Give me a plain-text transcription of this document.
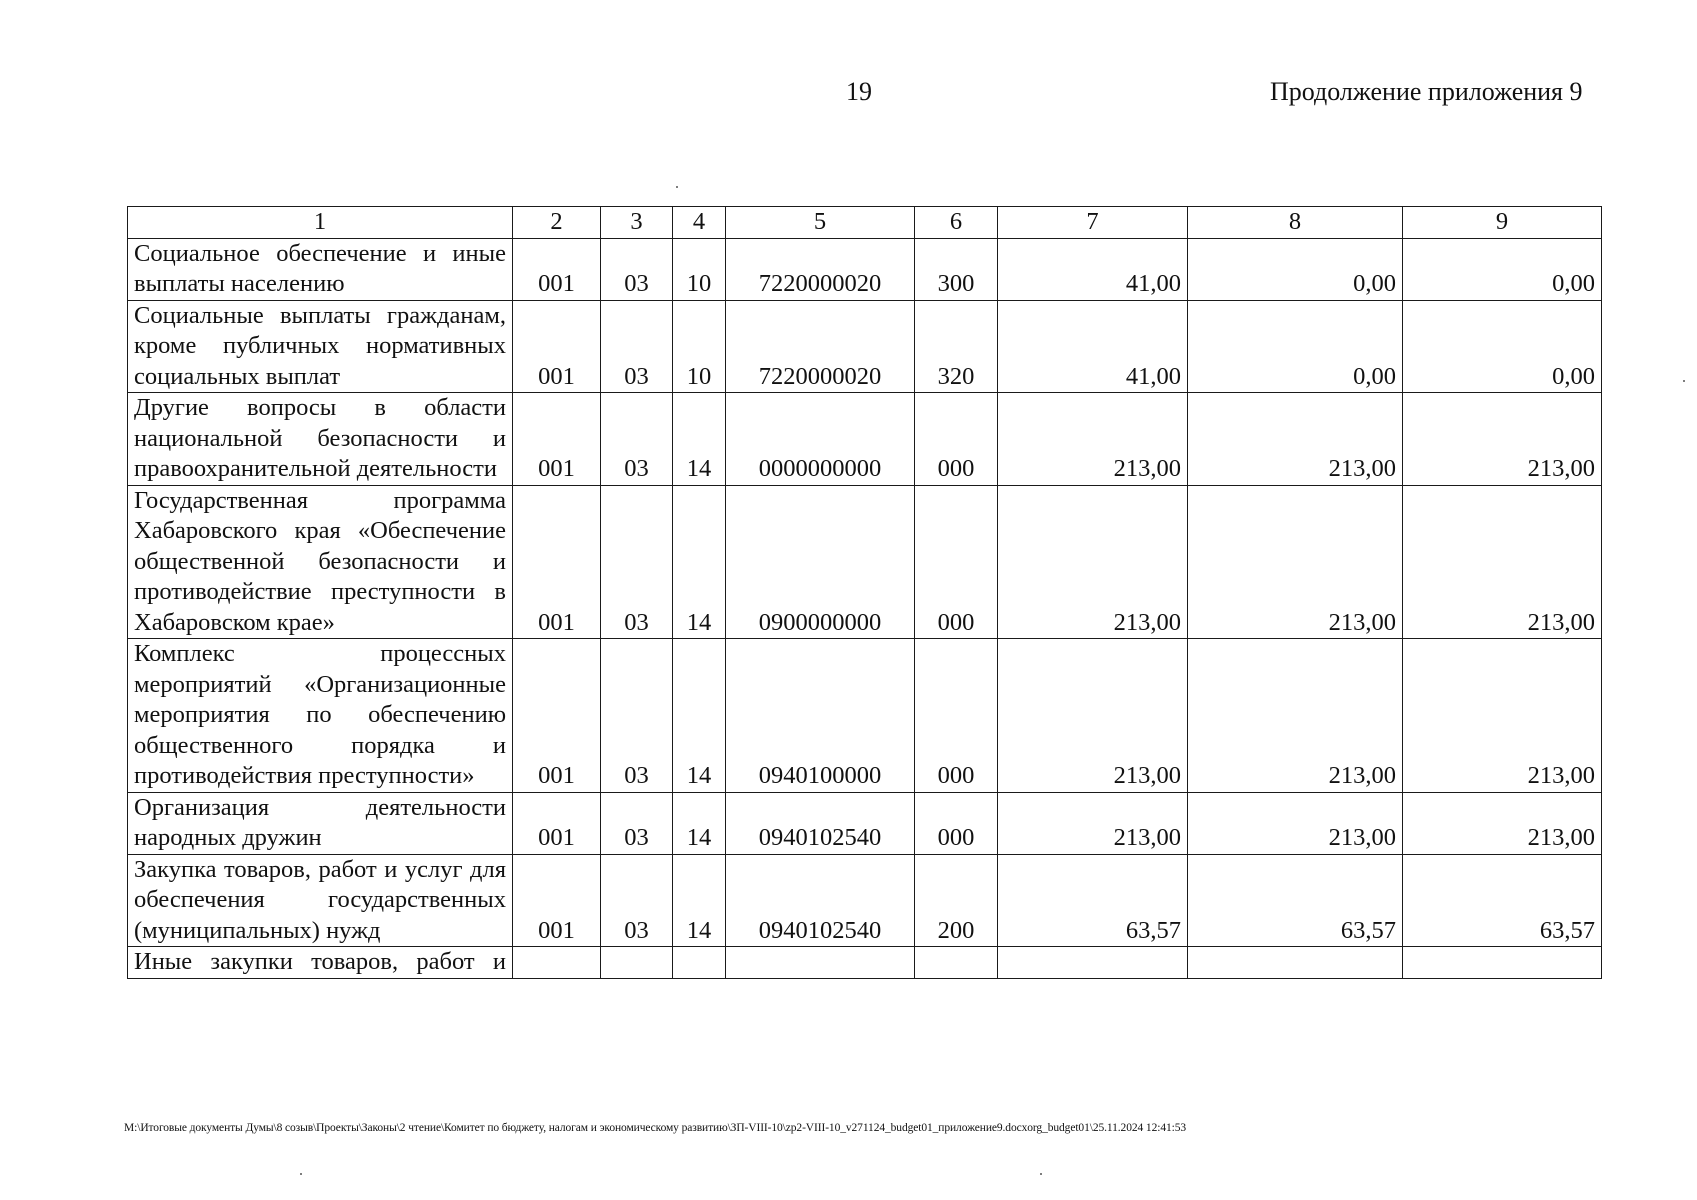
19	Продолжение приложения 9
1	2	3	4	5	6	7	8	9
Социальное обеспечение и иные выплаты населению	001	03	10	7220000020	300	41,00	0,00	0,00
Социальные выплаты гражданам, кроме публичных нормативных социальных выплат	001	03	10	7220000020	320	41,00	0,00	0,00
Другие вопросы в области национальной безопасности и правоохранительной деятельности	001	03	14	0000000000	000	213,00	213,00	213,00
Государственная программа Хабаровского края «Обеспечение общественной безопасности и противодействие преступности в Хабаровском крае»	001	03	14	0900000000	000	213,00	213,00	213,00
Комплекс процессных мероприятий «Организационные мероприятия по обеспечению общественного порядка и противодействия преступности»	001	03	14	0940100000	000	213,00	213,00	213,00
Организация деятельности народных дружин	001	03	14	0940102540	000	213,00	213,00	213,00
Закупка товаров, работ и услуг для обеспечения государственных (муниципальных) нужд	001	03	14	0940102540	200	63,57	63,57	63,57
Иные закупки товаров, работ и								
M:\Итоговые документы Думы\8 созыв\Проекты\Законы\2 чтение\Комитет по бюджету, налогам и экономическому развитию\ЗП-VIII-10\zp2-VIII-10_v271124_budget01_приложение9.docxorg_budget01\25.11.2024 12:41:53
